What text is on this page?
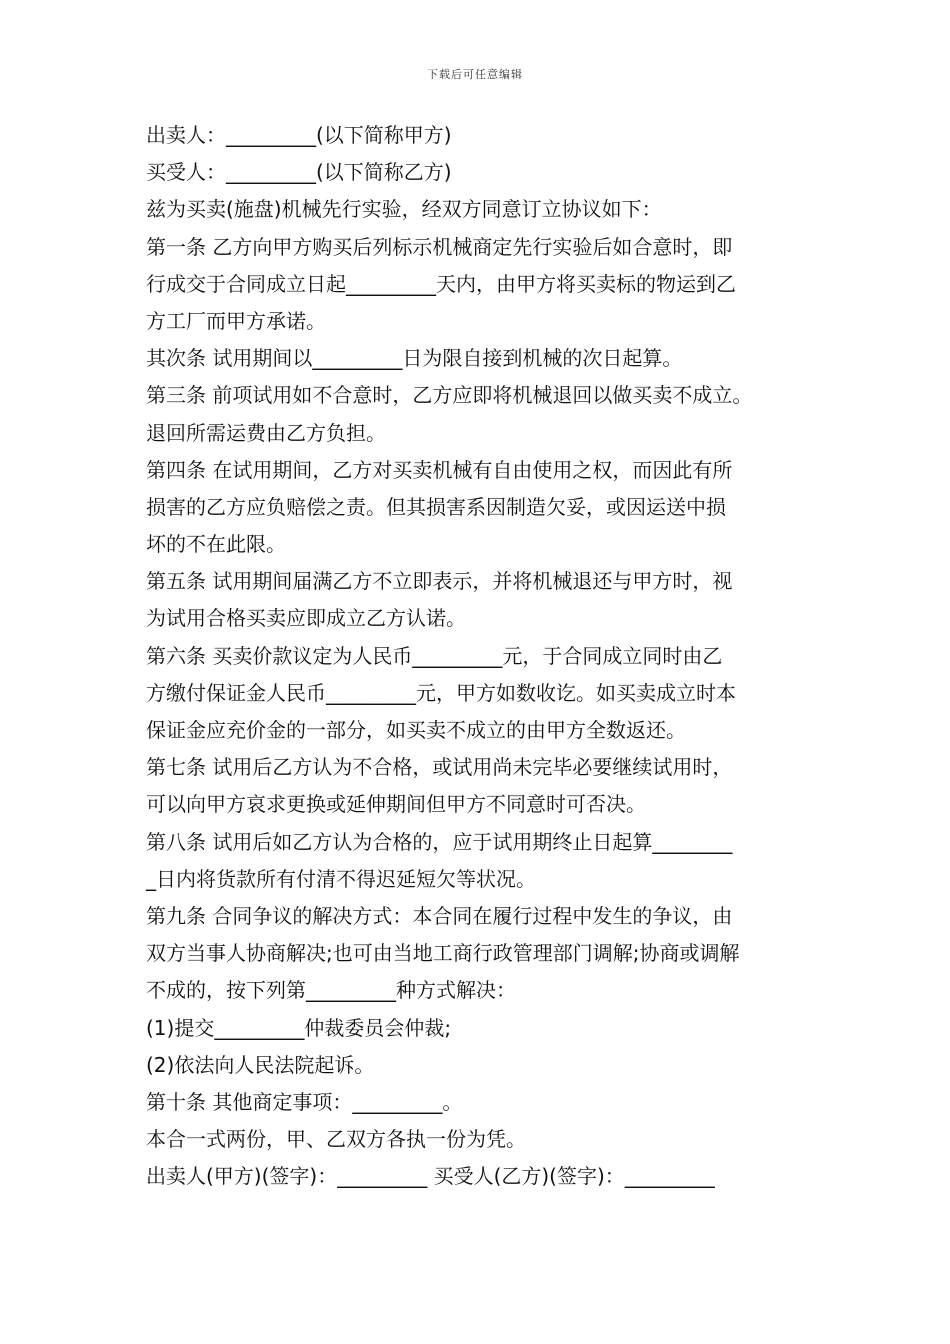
下载后可任意编辑
出卖人：_________(以下简称甲方)
买受人：_________(以下简称乙方)
兹为买卖(施盘)机械先行实验，经双方同意订立协议如下：
第一条 乙方向甲方购买后列标示机械商定先行实验后如合意时，即
行成交于合同成立日起_________天内，由甲方将买卖标的物运到乙
方工厂而甲方承诺。
其次条 试用期间以_________日为限自接到机械的次日起算。
第三条 前项试用如不合意时，乙方应即将机械退回以做买卖不成立。
退回所需运费由乙方负担。
第四条 在试用期间，乙方对买卖机械有自由使用之权，而因此有所
损害的乙方应负赔偿之责。但其损害系因制造欠妥，或因运送中损
坏的不在此限。
第五条 试用期间届满乙方不立即表示，并将机械退还与甲方时，视
为试用合格买卖应即成立乙方认诺。
第六条 买卖价款议定为人民币_________元，于合同成立同时由乙
方缴付保证金人民币_________元，甲方如数收讫。如买卖成立时本
保证金应充价金的一部分，如买卖不成立的由甲方全数返还。
第七条 试用后乙方认为不合格，或试用尚未完毕必要继续试用时，
可以向甲方哀求更换或延伸期间但甲方不同意时可否决。
第八条 试用后如乙方认为合格的，应于试用期终止日起算________
_日内将货款所有付清不得迟延短欠等状况。
第九条 合同争议的解决方式：本合同在履行过程中发生的争议，由
双方当事人协商解决;也可由当地工商行政管理部门调解;协商或调解
不成的，按下列第_________种方式解决：
(1)提交_________仲裁委员会仲裁;
(2)依法向人民法院起诉。
第十条 其他商定事项：_________。
本合一式两份，甲、乙双方各执一份为凭。
出卖人(甲方)(签字)：_________ 买受人(乙方)(签字)：_________
